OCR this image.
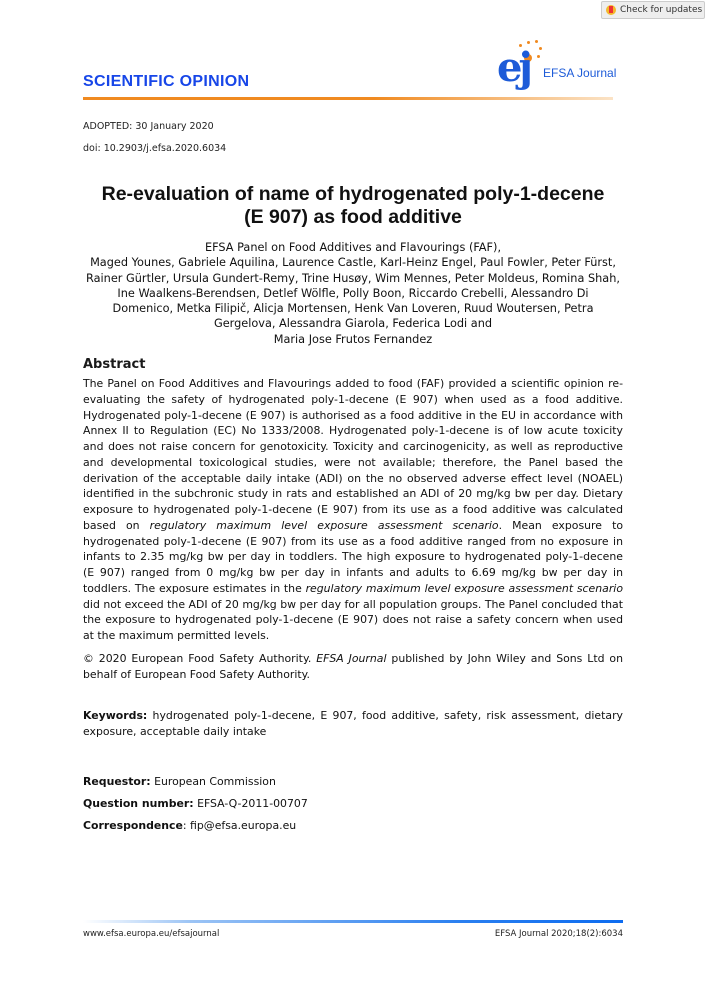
Check for updates
SCIENTIFIC OPINION	ej EFSA Journal
ADOPTED: 30 January 2020
doi: 10.2903/j.efsa.2020.6034
Re-evaluation of name of hydrogenated poly-1-decene
(E 907) as food additive
EFSA Panel on Food Additives and Flavourings (FAF),
Maged Younes, Gabriele Aquilina, Laurence Castle, Karl-Heinz Engel, Paul Fowler, Peter Fürst,
Rainer Gürtler, Ursula Gundert-Remy, Trine Husøy, Wim Mennes, Peter Moldeus, Romina Shah,
Ine Waalkens-Berendsen, Detlef Wölfle, Polly Boon, Riccardo Crebelli, Alessandro Di
Domenico, Metka Filipič, Alicja Mortensen, Henk Van Loveren, Ruud Woutersen, Petra
Gergelova, Alessandra Giarola, Federica Lodi and
Maria Jose Frutos Fernandez
Abstract
The Panel on Food Additives and Flavourings added to food (FAF) provided a scientific opinion re-evaluating the safety of hydrogenated poly-1-decene (E 907) when used as a food additive. Hydrogenated poly-1-decene (E 907) is authorised as a food additive in the EU in accordance with Annex II to Regulation (EC) No 1333/2008. Hydrogenated poly-1-decene is of low acute toxicity and does not raise concern for genotoxicity. Toxicity and carcinogenicity, as well as reproductive and developmental toxicological studies, were not available; therefore, the Panel based the derivation of the acceptable daily intake (ADI) on the no observed adverse effect level (NOAEL) identified in the subchronic study in rats and established an ADI of 20 mg/kg bw per day. Dietary exposure to hydrogenated poly-1-decene (E 907) from its use as a food additive was calculated based on regulatory maximum level exposure assessment scenario. Mean exposure to hydrogenated poly-1-decene (E 907) from its use as a food additive ranged from no exposure in infants to 2.35 mg/kg bw per day in toddlers. The high exposure to hydrogenated poly-1-decene (E 907) ranged from 0 mg/kg bw per day in infants and adults to 6.69 mg/kg bw per day in toddlers. The exposure estimates in the regulatory maximum level exposure assessment scenario did not exceed the ADI of 20 mg/kg bw per day for all population groups. The Panel concluded that the exposure to hydrogenated poly-1-decene (E 907) does not raise a safety concern when used at the maximum permitted levels.
© 2020 European Food Safety Authority. EFSA Journal published by John Wiley and Sons Ltd on behalf of European Food Safety Authority.
Keywords: hydrogenated poly-1-decene, E 907, food additive, safety, risk assessment, dietary exposure, acceptable daily intake
Requestor: European Commission
Question number: EFSA-Q-2011-00707
Correspondence: fip@efsa.europa.eu
www.efsa.europa.eu/efsajournal	EFSA Journal 2020;18(2):6034
